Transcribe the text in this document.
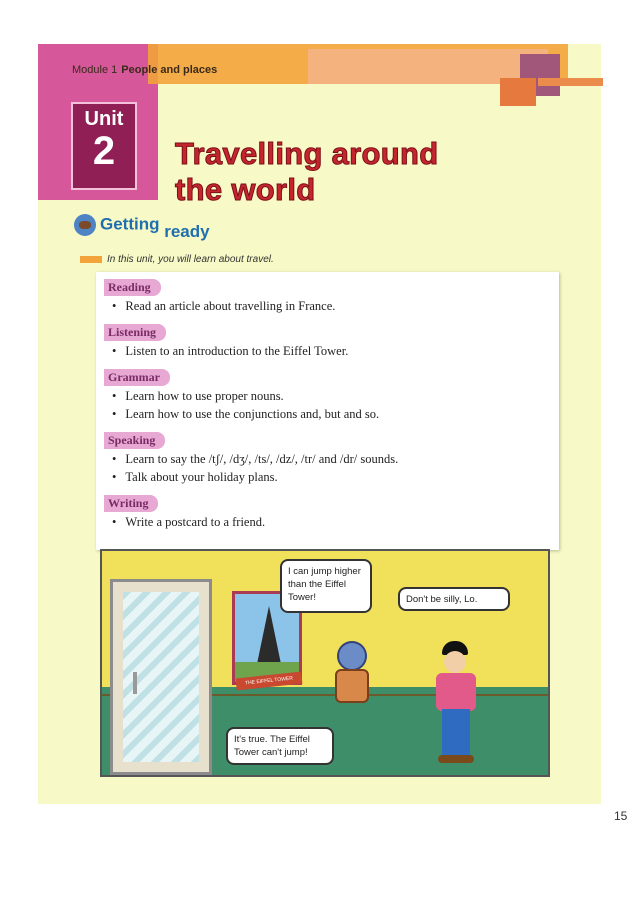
Module 1 People and places
Unit
2	Travelling around
the world
Getting ready
In this unit, you will learn about travel.
Reading
• Read an article about travelling in France.
Listening
• Listen to an introduction to the Eiffel Tower.
Grammar
• Learn how to use proper nouns.
• Learn how to use the conjunctions and, but and so.
Speaking
• Learn to say the /tʃ/, /dʒ/, /ts/, /dz/, /tr/ and /dr/ sounds.
• Talk about your holiday plans.
Writing
• Write a postcard to a friend.
THE EIFFEL TOWER
I can jump higher than the Eiffel Tower!	Don't be silly, Lo.
It's true. The Eiffel Tower can't jump!
15
